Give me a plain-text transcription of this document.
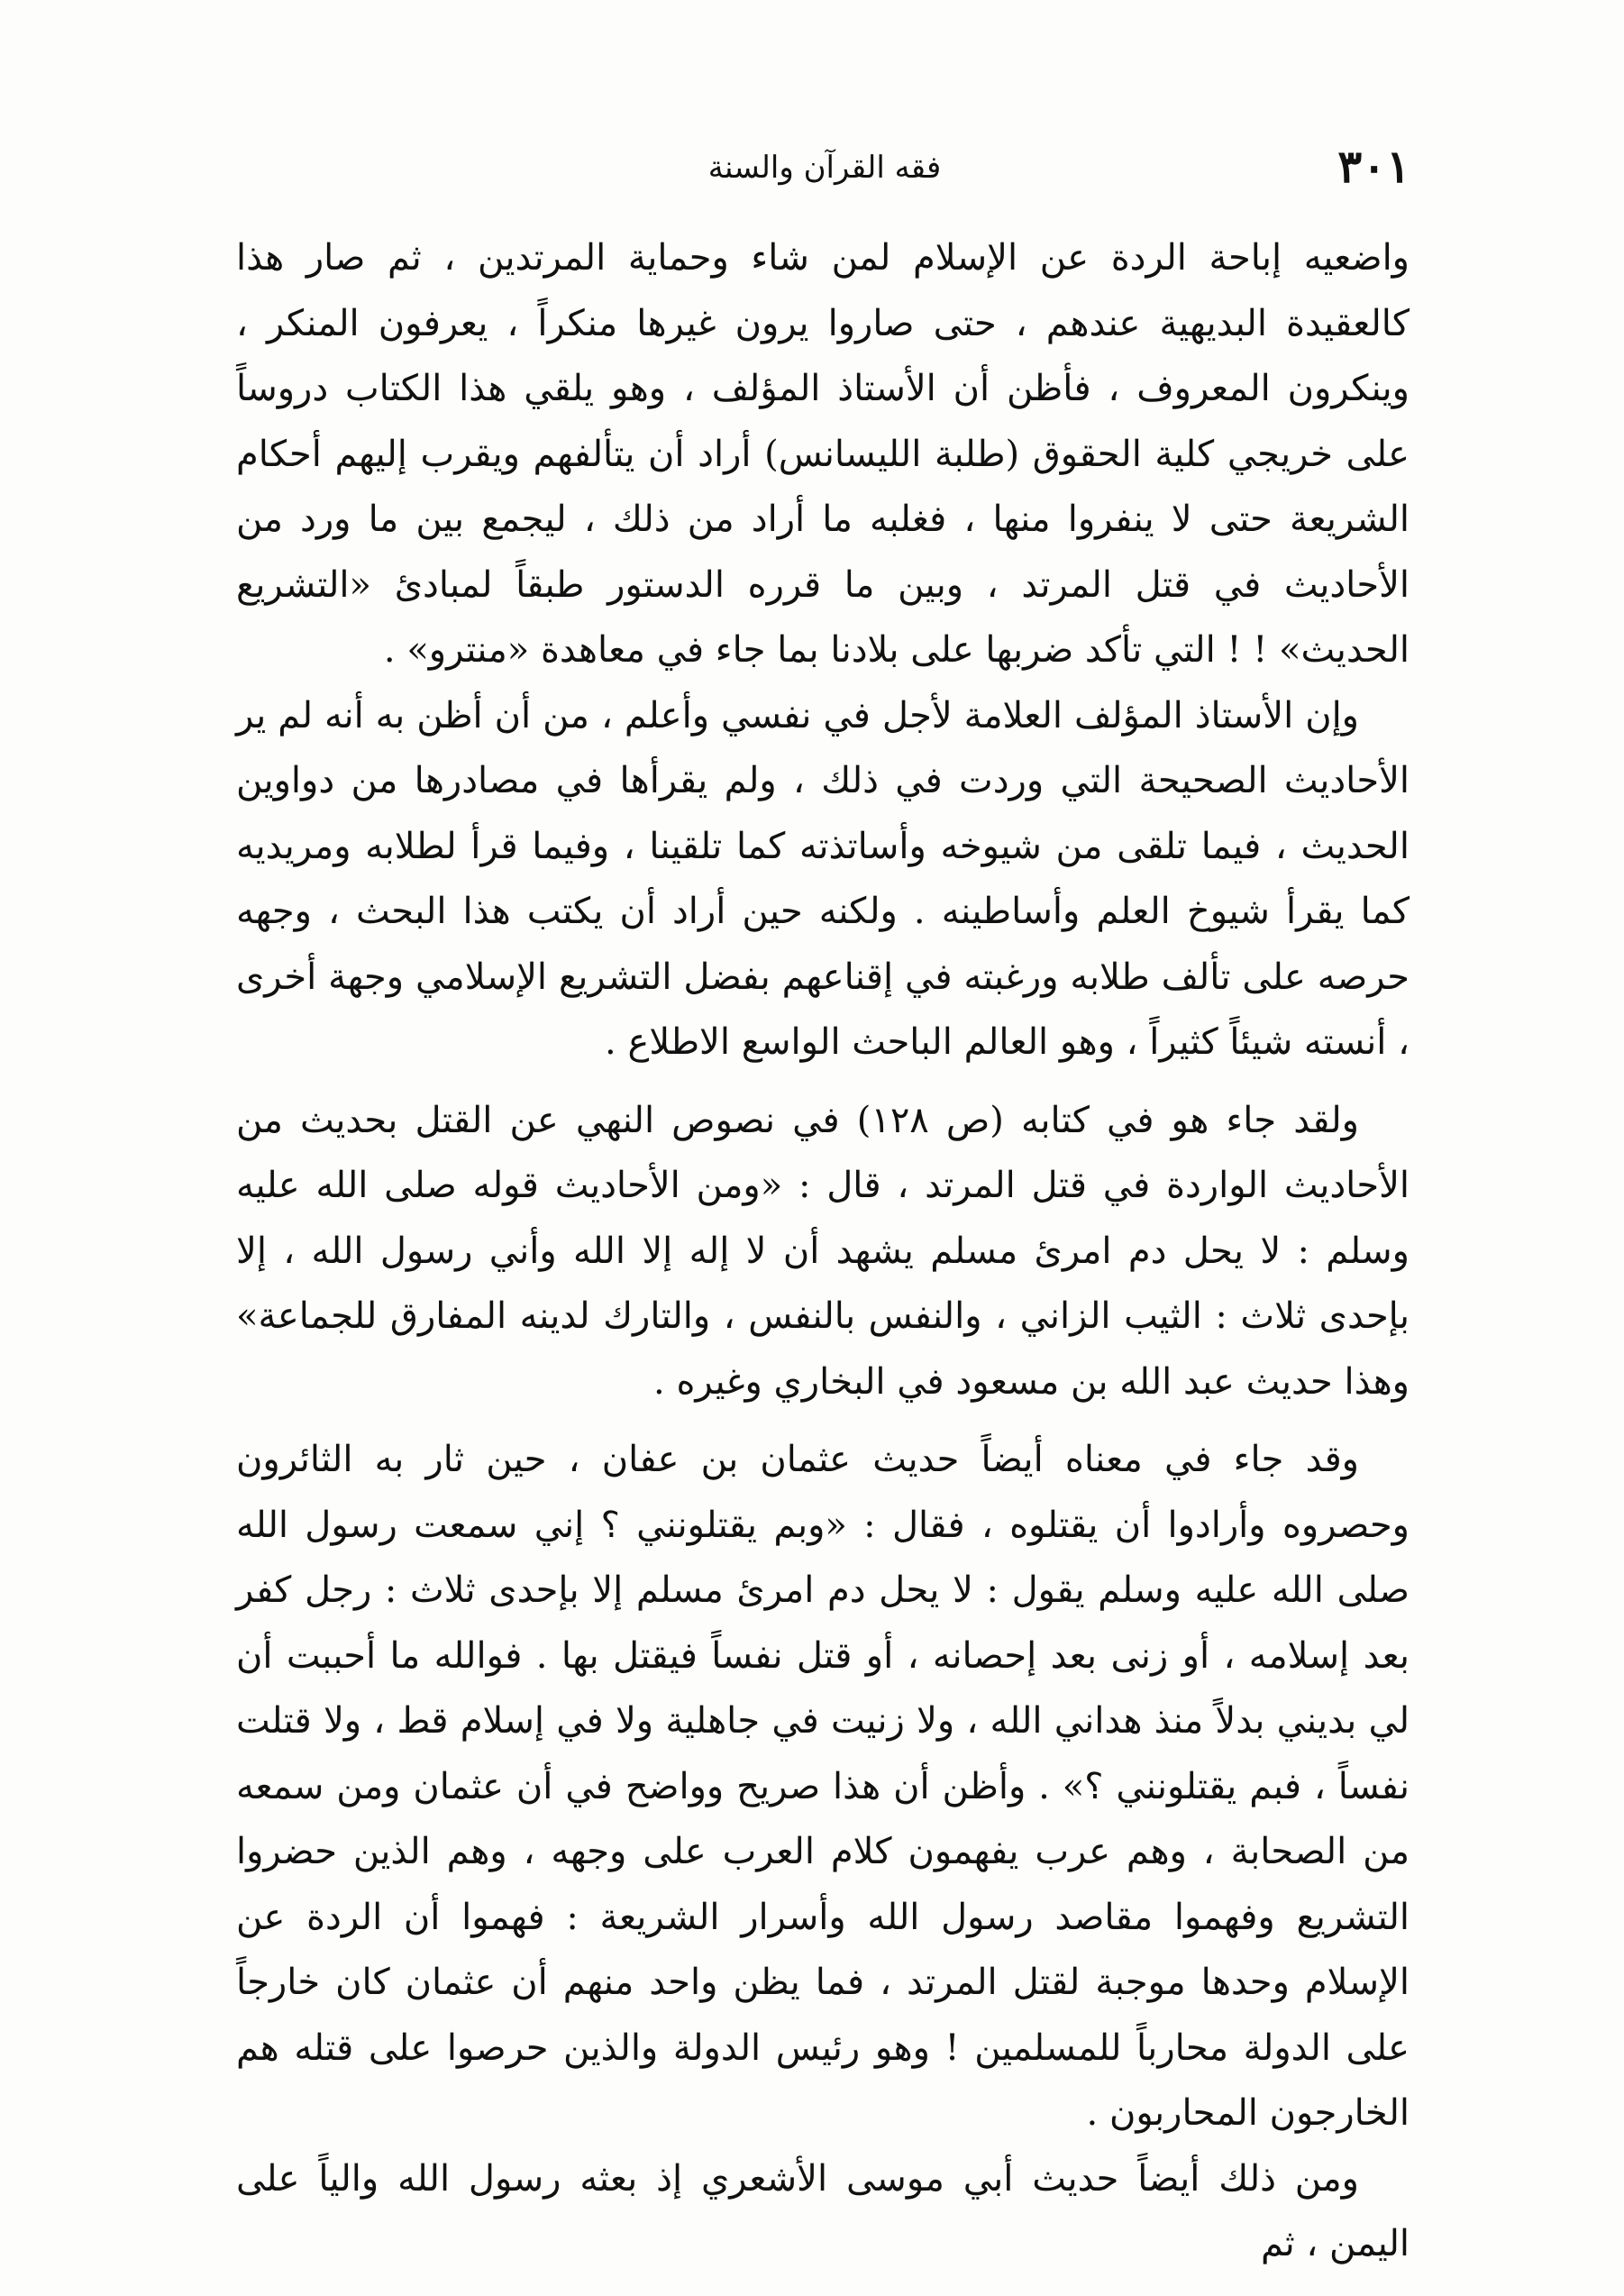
٣٠١
فقه القرآن والسنة

واضعيه إباحة الردة عن الإسلام لمن شاء وحماية المرتدين ، ثم صار هذا كالعقيدة البديهية عندهم ، حتى صاروا يرون غيرها منكراً ، يعرفون المنكر ، وينكرون المعروف ، فأظن أن الأستاذ المؤلف ، وهو يلقي هذا الكتاب دروساً على خريجي كلية الحقوق (طلبة الليسانس) أراد أن يتألفهم ويقرب إليهم أحكام الشريعة حتى لا ينفروا منها ، فغلبه ما أراد من ذلك ، ليجمع بين ما ورد من الأحاديث في قتل المرتد ، وبين ما قرره الدستور طبقاً لمبادئ «التشريع الحديث» ! ! التي تأكد ضربها على بلادنا بما جاء في معاهدة «منترو» .

وإن الأستاذ المؤلف العلامة لأجل في نفسي وأعلم ، من أن أظن به أنه لم ير الأحاديث الصحيحة التي وردت في ذلك ، ولم يقرأها في مصادرها من دواوين الحديث ، فيما تلقى من شيوخه وأساتذته كما تلقينا ، وفيما قرأ لطلابه ومريديه كما يقرأ شيوخ العلم وأساطينه . ولكنه حين أراد أن يكتب هذا البحث ، وجهه حرصه على تألف طلابه ورغبته في إقناعهم بفضل التشريع الإسلامي وجهة أخرى ، أنسته شيئاً كثيراً ، وهو العالم الباحث الواسع الاطلاع .

ولقد جاء هو في كتابه (ص ١٢٨) في نصوص النهي عن القتل بحديث من الأحاديث الواردة في قتل المرتد ، قال : «ومن الأحاديث قوله صلى الله عليه وسلم : لا يحل دم امرئ مسلم يشهد أن لا إله إلا الله وأني رسول الله ، إلا بإحدى ثلاث : الثيب الزاني ، والنفس بالنفس ، والتارك لدينه المفارق للجماعة» وهذا حديث عبد الله بن مسعود في البخاري وغيره .

وقد جاء في معناه أيضاً حديث عثمان بن عفان ، حين ثار به الثائرون وحصروه وأرادوا أن يقتلوه ، فقال : «وبم يقتلونني ؟ إني سمعت رسول الله صلى الله عليه وسلم يقول : لا يحل دم امرئ مسلم إلا بإحدى ثلاث : رجل كفر بعد إسلامه ، أو زنى بعد إحصانه ، أو قتل نفساً فيقتل بها . فوالله ما أحببت أن لي بديني بدلاً منذ هداني الله ، ولا زنيت في جاهلية ولا في إسلام قط ، ولا قتلت نفساً ، فبم يقتلونني ؟» . وأظن أن هذا صريح وواضح في أن عثمان ومن سمعه من الصحابة ، وهم عرب يفهمون كلام العرب على وجهه ، وهم الذين حضروا التشريع وفهموا مقاصد رسول الله وأسرار الشريعة : فهموا أن الردة عن الإسلام وحدها موجبة لقتل المرتد ، فما يظن واحد منهم أن عثمان كان خارجاً على الدولة محارباً للمسلمين ! وهو رئيس الدولة والذين حرصوا على قتله هم الخارجون المحاربون .

ومن ذلك أيضاً حديث أبي موسى الأشعري إذ بعثه رسول الله والياً على اليمن ، ثم
